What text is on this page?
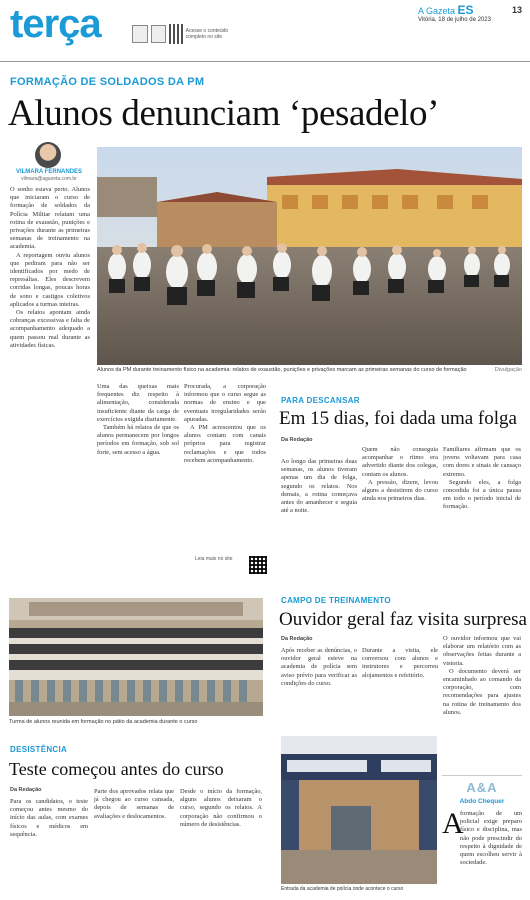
terça	Acesse o conteúdo completo no site
A Gazeta ES
Vitória, 18 de julho de 2023
13
FORMAÇÃO DE SOLDADOS DA PM
Alunos denunciam ‘pesadelo’
VILMARA FERNANDES
vilmara@agazeta.com.br

O sonho estava perto. Alunos que iniciaram o curso de formação de soldados da Polícia Militar relatam uma rotina de exaustão, punições e privações durante as primeiras semanas de treinamento na academia.

A reportagem ouviu alunos que pediram para não ser identificados por medo de represálias. Eles descrevem corridas longas, poucas horas de sono e castigos coletivos aplicados a turmas inteiras.

Os relatos apontam ainda cobranças excessivas e falta de acompanhamento adequado a quem passou mal durante as atividades físicas.

Alunos da PM durante treinamento físico na academia: relatos de exaustão, punições e privações marcam as primeiras semanas do curso de formação	Divulgação

Uma das queixas mais frequentes diz respeito à alimentação, considerada insuficiente diante da carga de exercícios exigida diariamente.

Também há relatos de que os alunos permanecem por longos períodos em formação, sob sol forte, sem acesso a água.

Procurada, a corporação informou que o curso segue as normas de ensino e que eventuais irregularidades serão apuradas.

A PM acrescentou que os alunos contam com canais próprios para registrar reclamações e que todos recebem acompanhamento.

Leia mais no site
PARA DESCANSAR
Em 15 dias, foi dada uma folga
Da Redação

Ao longo das primeiras duas semanas, os alunos tiveram apenas um dia de folga, segundo os relatos. Nos demais, a rotina começava antes do amanhecer e seguia até a noite.

Quem não conseguia acompanhar o ritmo era advertido diante dos colegas, contam os alunos.

A pressão, dizem, levou alguns a desistirem do curso ainda nos primeiros dias.

Familiares afirmam que os jovens voltavam para casa com dores e sinais de cansaço extremo.

Segundo eles, a folga concedida foi a única pausa em todo o período inicial de formação.

Turma de alunos reunida em formação no pátio da academia durante o curso
CAMPO DE TREINAMENTO
Ouvidor geral faz visita surpresa
Da Redação

Após receber as denúncias, o ouvidor geral esteve na academia de polícia sem aviso prévio para verificar as condições do curso.

Durante a visita, ele conversou com alunos e instrutores e percorreu alojamentos e refeitório.

O ouvidor informou que vai elaborar um relatório com as observações feitas durante a vistoria.

O documento deverá ser encaminhado ao comando da corporação, com recomendações para ajustes na rotina de treinamento dos alunos.

Entrada da academia de polícia onde acontece o curso
A&A
Abdo Chequer
A
formação de um policial exige preparo físico e disciplina, mas não pode prescindir do respeito à dignidade de quem escolheu servir à sociedade.
DESISTÊNCIA
Teste começou antes do curso
Da Redação

Para os candidatos, o teste começou antes mesmo do início das aulas, com exames físicos e médicos em sequência.

Parte dos aprovados relata que já chegou ao curso cansada, depois de semanas de avaliações e deslocamentos.

Desde o início da formação, alguns alunos deixaram o curso, segundo os relatos. A corporação não confirmou o número de desistências.
